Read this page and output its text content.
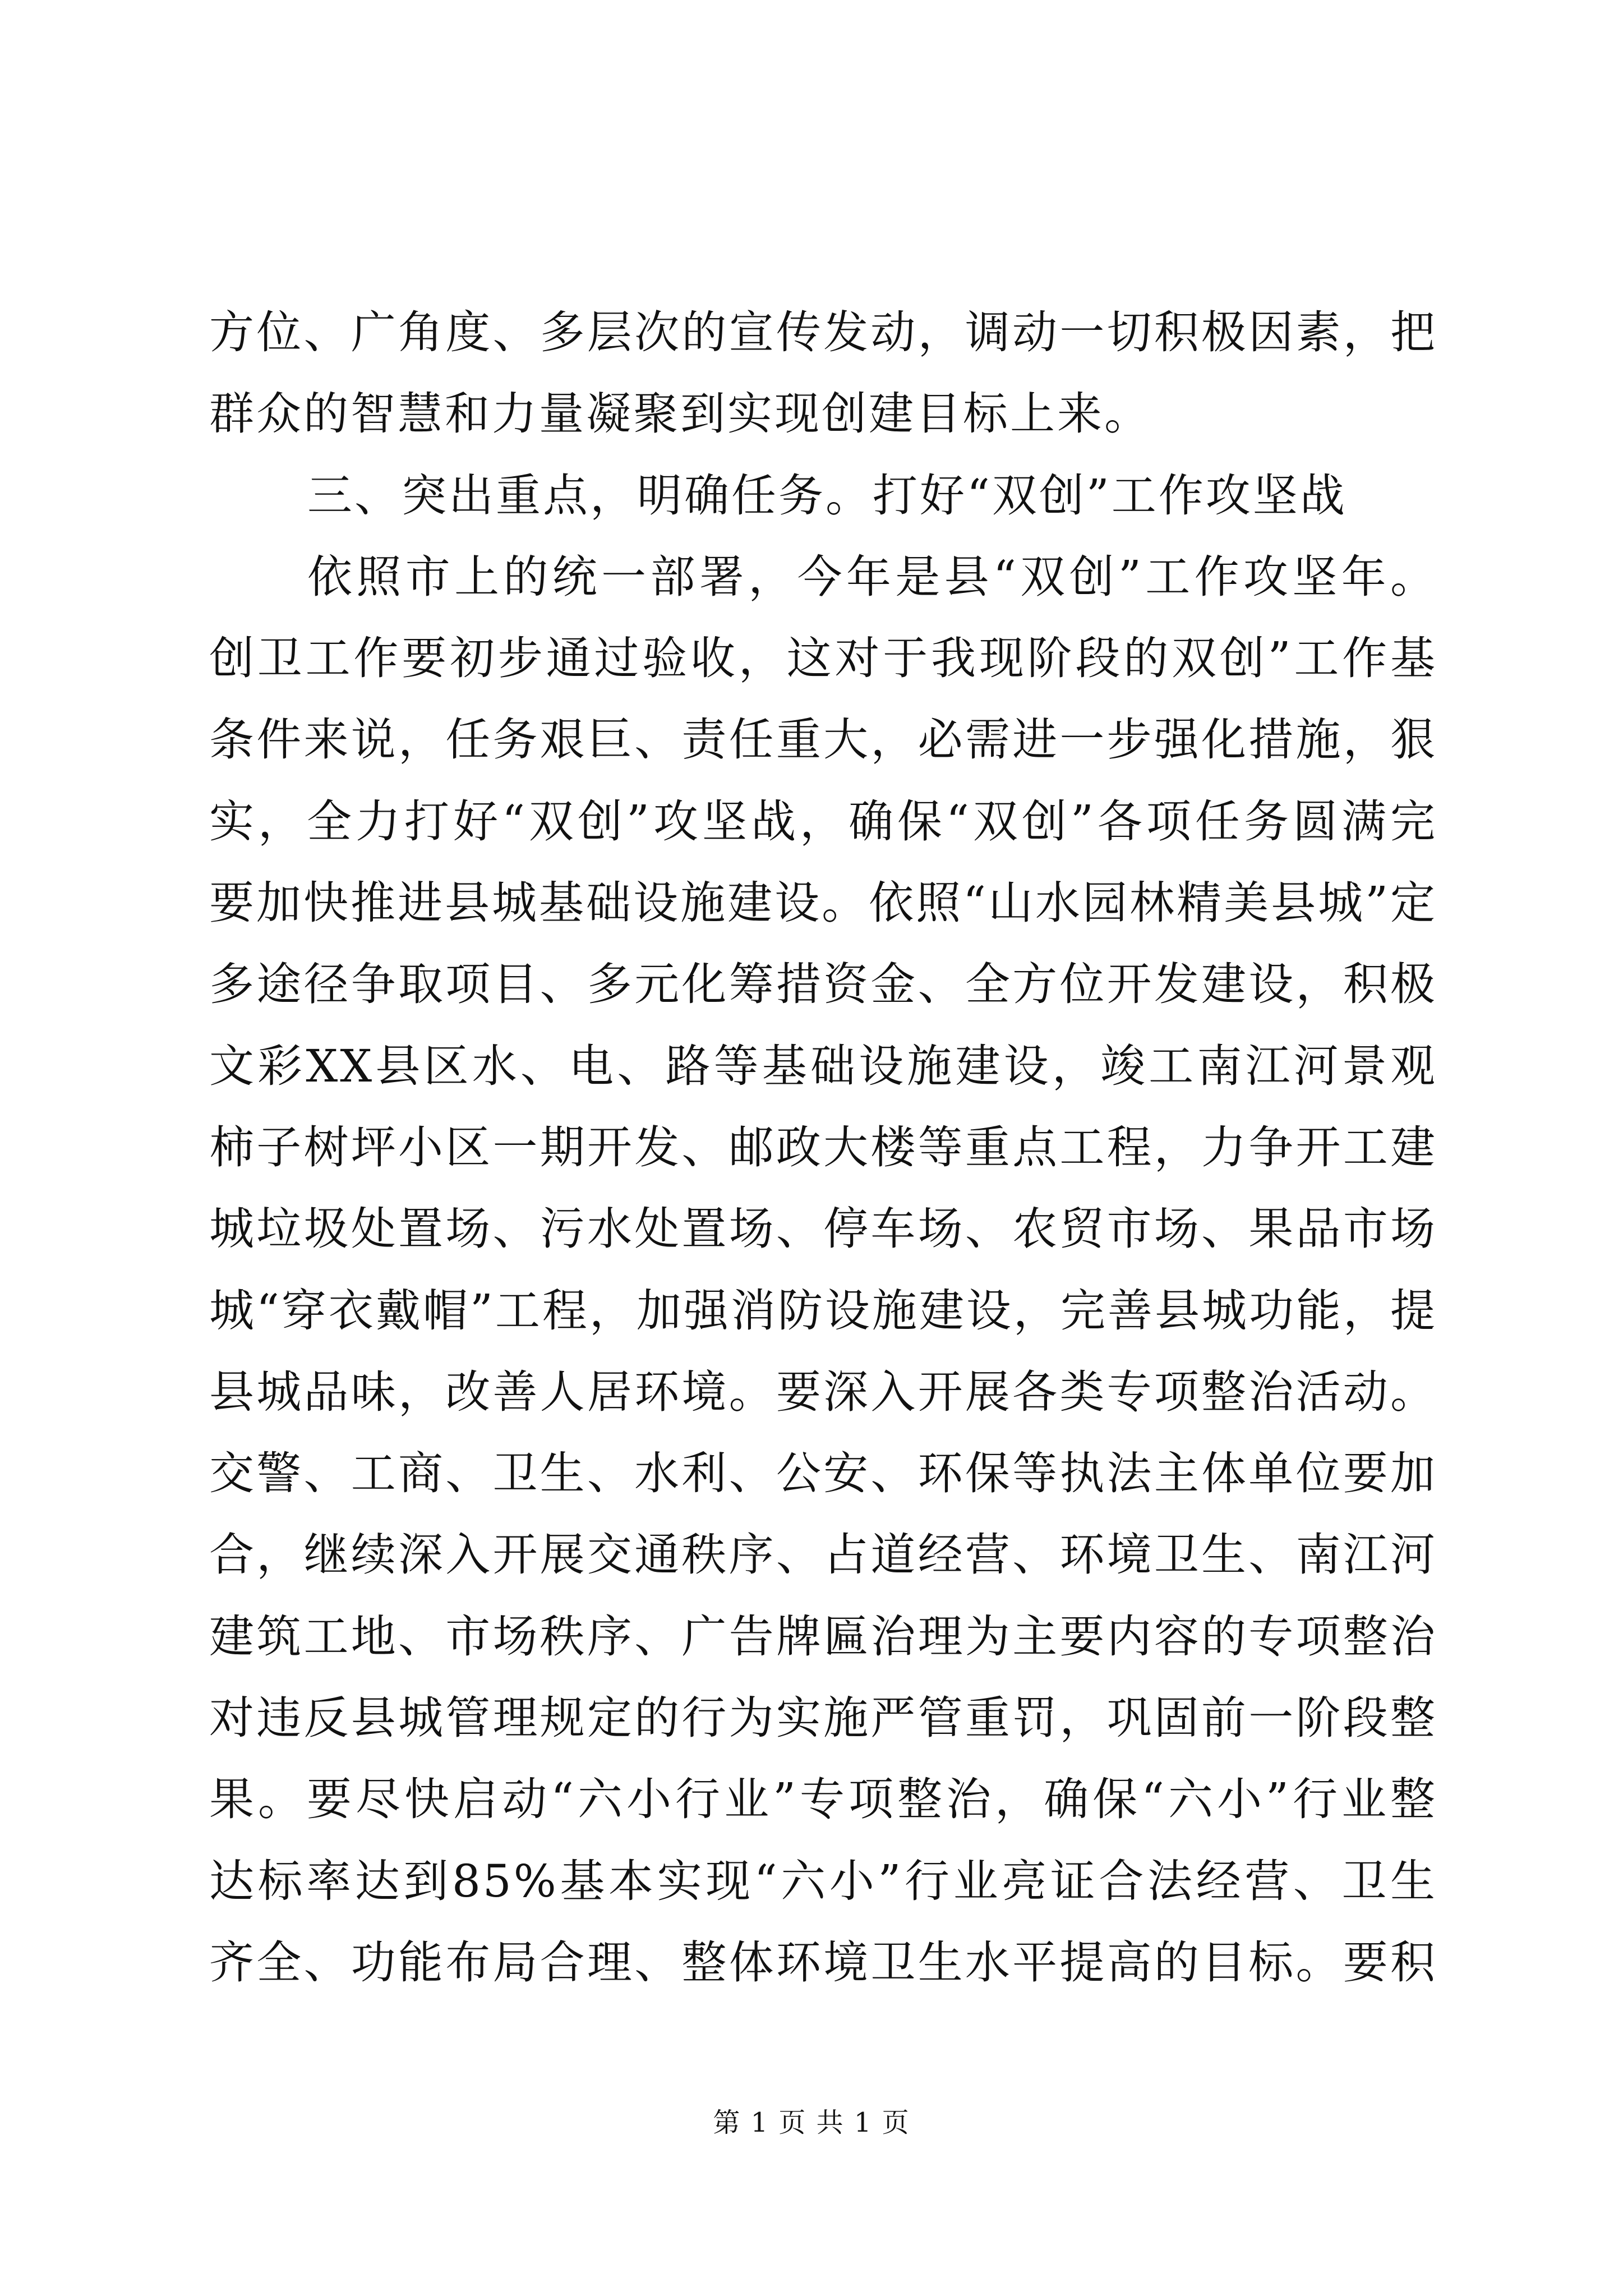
方位、广角度、多层次的宣传发动，调动一切积极因素，把
群众的智慧和力量凝聚到实现创建目标上来。
三、突出重点，明确任务。打好“双创”工作攻坚战
依照市上的统一部署，今年是县“双创”工作攻坚年。
创卫工作要初步通过验收，这对于我现阶段的双创”工作基
条件来说，任务艰巨、责任重大，必需进一步强化措施，狠
实，全力打好“双创”攻坚战，确保“双创”各项任务圆满完
要加快推进县城基础设施建设。依照“山水园林精美县城”定
多途径争取项目、多元化筹措资金、全方位开发建设，积极
文彩XX县区水、电、路等基础设施建设，竣工南江河景观
柿子树坪小区一期开发、邮政大楼等重点工程，力争开工建
城垃圾处置场、污水处置场、停车场、农贸市场、果品市场
城“穿衣戴帽”工程，加强消防设施建设，完善县城功能，提
县城品味，改善人居环境。要深入开展各类专项整治活动。
交警、工商、卫生、水利、公安、环保等执法主体单位要加
合，继续深入开展交通秩序、占道经营、环境卫生、南江河
建筑工地、市场秩序、广告牌匾治理为主要内容的专项整治
对违反县城管理规定的行为实施严管重罚，巩固前一阶段整
果。要尽快启动“六小行业”专项整治，确保“六小”行业整
达标率达到85%基本实现“六小”行业亮证合法经营、卫生
齐全、功能布局合理、整体环境卫生水平提高的目标。要积
第 1 页 共 1 页
